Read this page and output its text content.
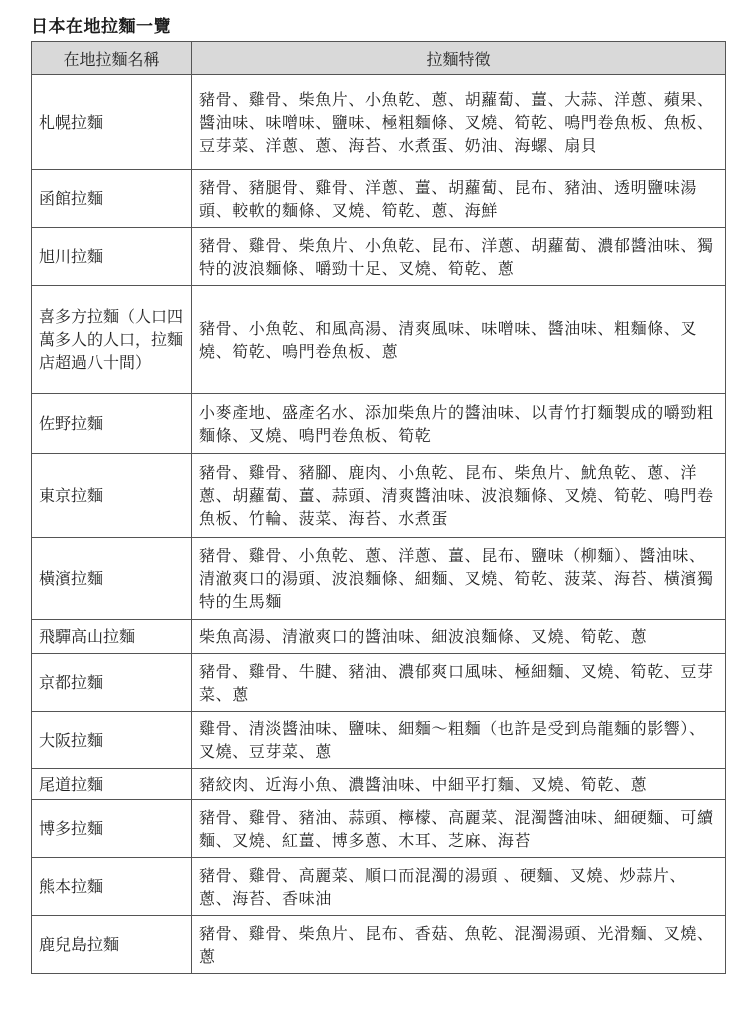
日本在地拉麵一覽
在地拉麵名稱	拉麵特徵
札幌拉麵	豬骨、雞骨、柴魚片、小魚乾、蔥、胡蘿蔔、薑、大蒜、洋蔥、蘋果、醬油味、味噌味、鹽味、極粗麵條、叉燒、筍乾、鳴門卷魚板、魚板、豆芽菜、洋蔥、蔥、海苔、水煮蛋、奶油、海螺、扇貝
函館拉麵	豬骨、豬腿骨、雞骨、洋蔥、薑、胡蘿蔔、昆布、豬油、透明鹽味湯頭、較軟的麵條、叉燒、筍乾、蔥、海鮮
旭川拉麵	豬骨、雞骨、柴魚片、小魚乾、昆布、洋蔥、胡蘿蔔、濃郁醬油味、獨特的波浪麵條、嚼勁十足、叉燒、筍乾、蔥
喜多方拉麵（人口四萬多人的人口，拉麵店超過八十間）	豬骨、小魚乾、和風高湯、清爽風味、味噌味、醬油味、粗麵條、叉燒、筍乾、鳴門卷魚板、蔥
佐野拉麵	小麥產地、盛產名水、添加柴魚片的醬油味、以青竹打麵製成的嚼勁粗麵條、叉燒、鳴門卷魚板、筍乾
東京拉麵	豬骨、雞骨、豬腳、鹿肉、小魚乾、昆布、柴魚片、魷魚乾、蔥、洋蔥、胡蘿蔔、薑、蒜頭、清爽醬油味、波浪麵條、叉燒、筍乾、鳴門卷魚板、竹輪、菠菜、海苔、水煮蛋
橫濱拉麵	豬骨、雞骨、小魚乾、蔥、洋蔥、薑、昆布、鹽味（柳麵）、醬油味、清澈爽口的湯頭、波浪麵條、細麵、叉燒、筍乾、菠菜、海苔、橫濱獨特的生馬麵
飛驒高山拉麵	柴魚高湯、清澈爽口的醬油味、細波浪麵條、叉燒、筍乾、蔥
京都拉麵	豬骨、雞骨、牛腱、豬油、濃郁爽口風味、極細麵、叉燒、筍乾、豆芽菜、蔥
大阪拉麵	雞骨、清淡醬油味、鹽味、細麵～粗麵（也許是受到烏龍麵的影響）、叉燒、豆芽菜、蔥
尾道拉麵	豬絞肉、近海小魚、濃醬油味、中細平打麵、叉燒、筍乾、蔥
博多拉麵	豬骨、雞骨、豬油、蒜頭、檸檬、高麗菜、混濁醬油味、細硬麵、可續麵、叉燒、紅薑、博多蔥、木耳、芝麻、海苔
熊本拉麵	豬骨、雞骨、高麗菜、順口而混濁的湯頭 、硬麵、叉燒、炒蒜片、蔥、海苔、香味油
鹿兒島拉麵	豬骨、雞骨、柴魚片、昆布、香菇、魚乾、混濁湯頭、光滑麵、叉燒、蔥
